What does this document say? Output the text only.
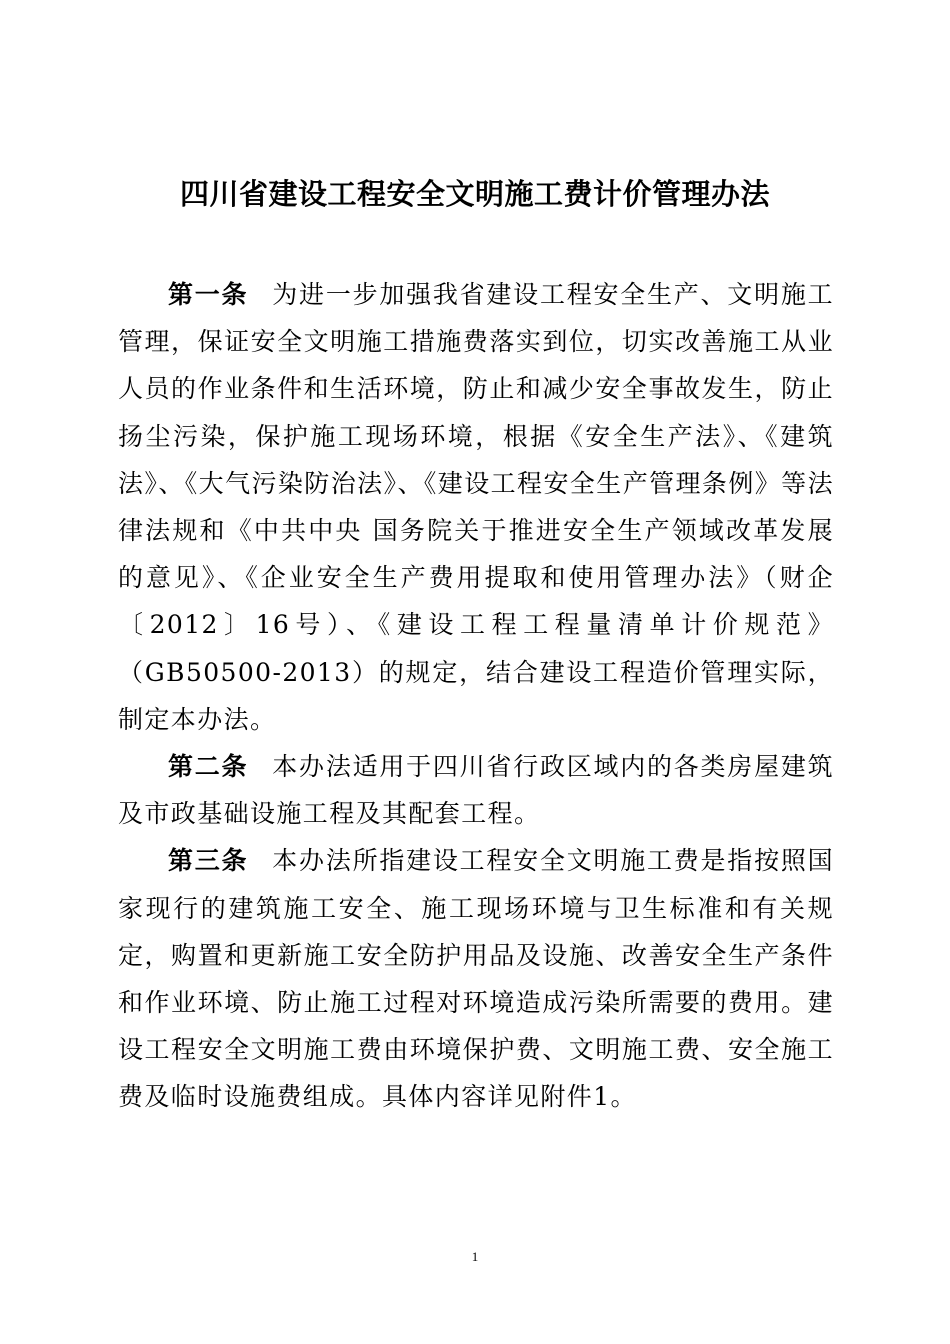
四川省建设工程安全文明施工费计价管理办法

第一条 为进一步加强我省建设工程安全生产、文明施工管理，保证安全文明施工措施费落实到位，切实改善施工从业人员的作业条件和生活环境，防止和减少安全事故发生，防止扬尘污染，保护施工现场环境，根据《安全生产法》、《建筑法》、《大气污染防治法》、《建设工程安全生产管理条例》等法律法规和《中共中央 国务院关于推进安全生产领域改革发展的意见》、《企业安全生产费用提取和使用管理办法》（财企〔2012〕16号）、《建设工程工程量清单计价规范》（GB50500-2013）的规定，结合建设工程造价管理实际，制定本办法。

第二条 本办法适用于四川省行政区域内的各类房屋建筑及市政基础设施工程及其配套工程。

第三条 本办法所指建设工程安全文明施工费是指按照国家现行的建筑施工安全、施工现场环境与卫生标准和有关规定，购置和更新施工安全防护用品及设施、改善安全生产条件和作业环境、防止施工过程对环境造成污染所需要的费用。建设工程安全文明施工费由环境保护费、文明施工费、安全施工费及临时设施费组成。具体内容详见附件1。

1
